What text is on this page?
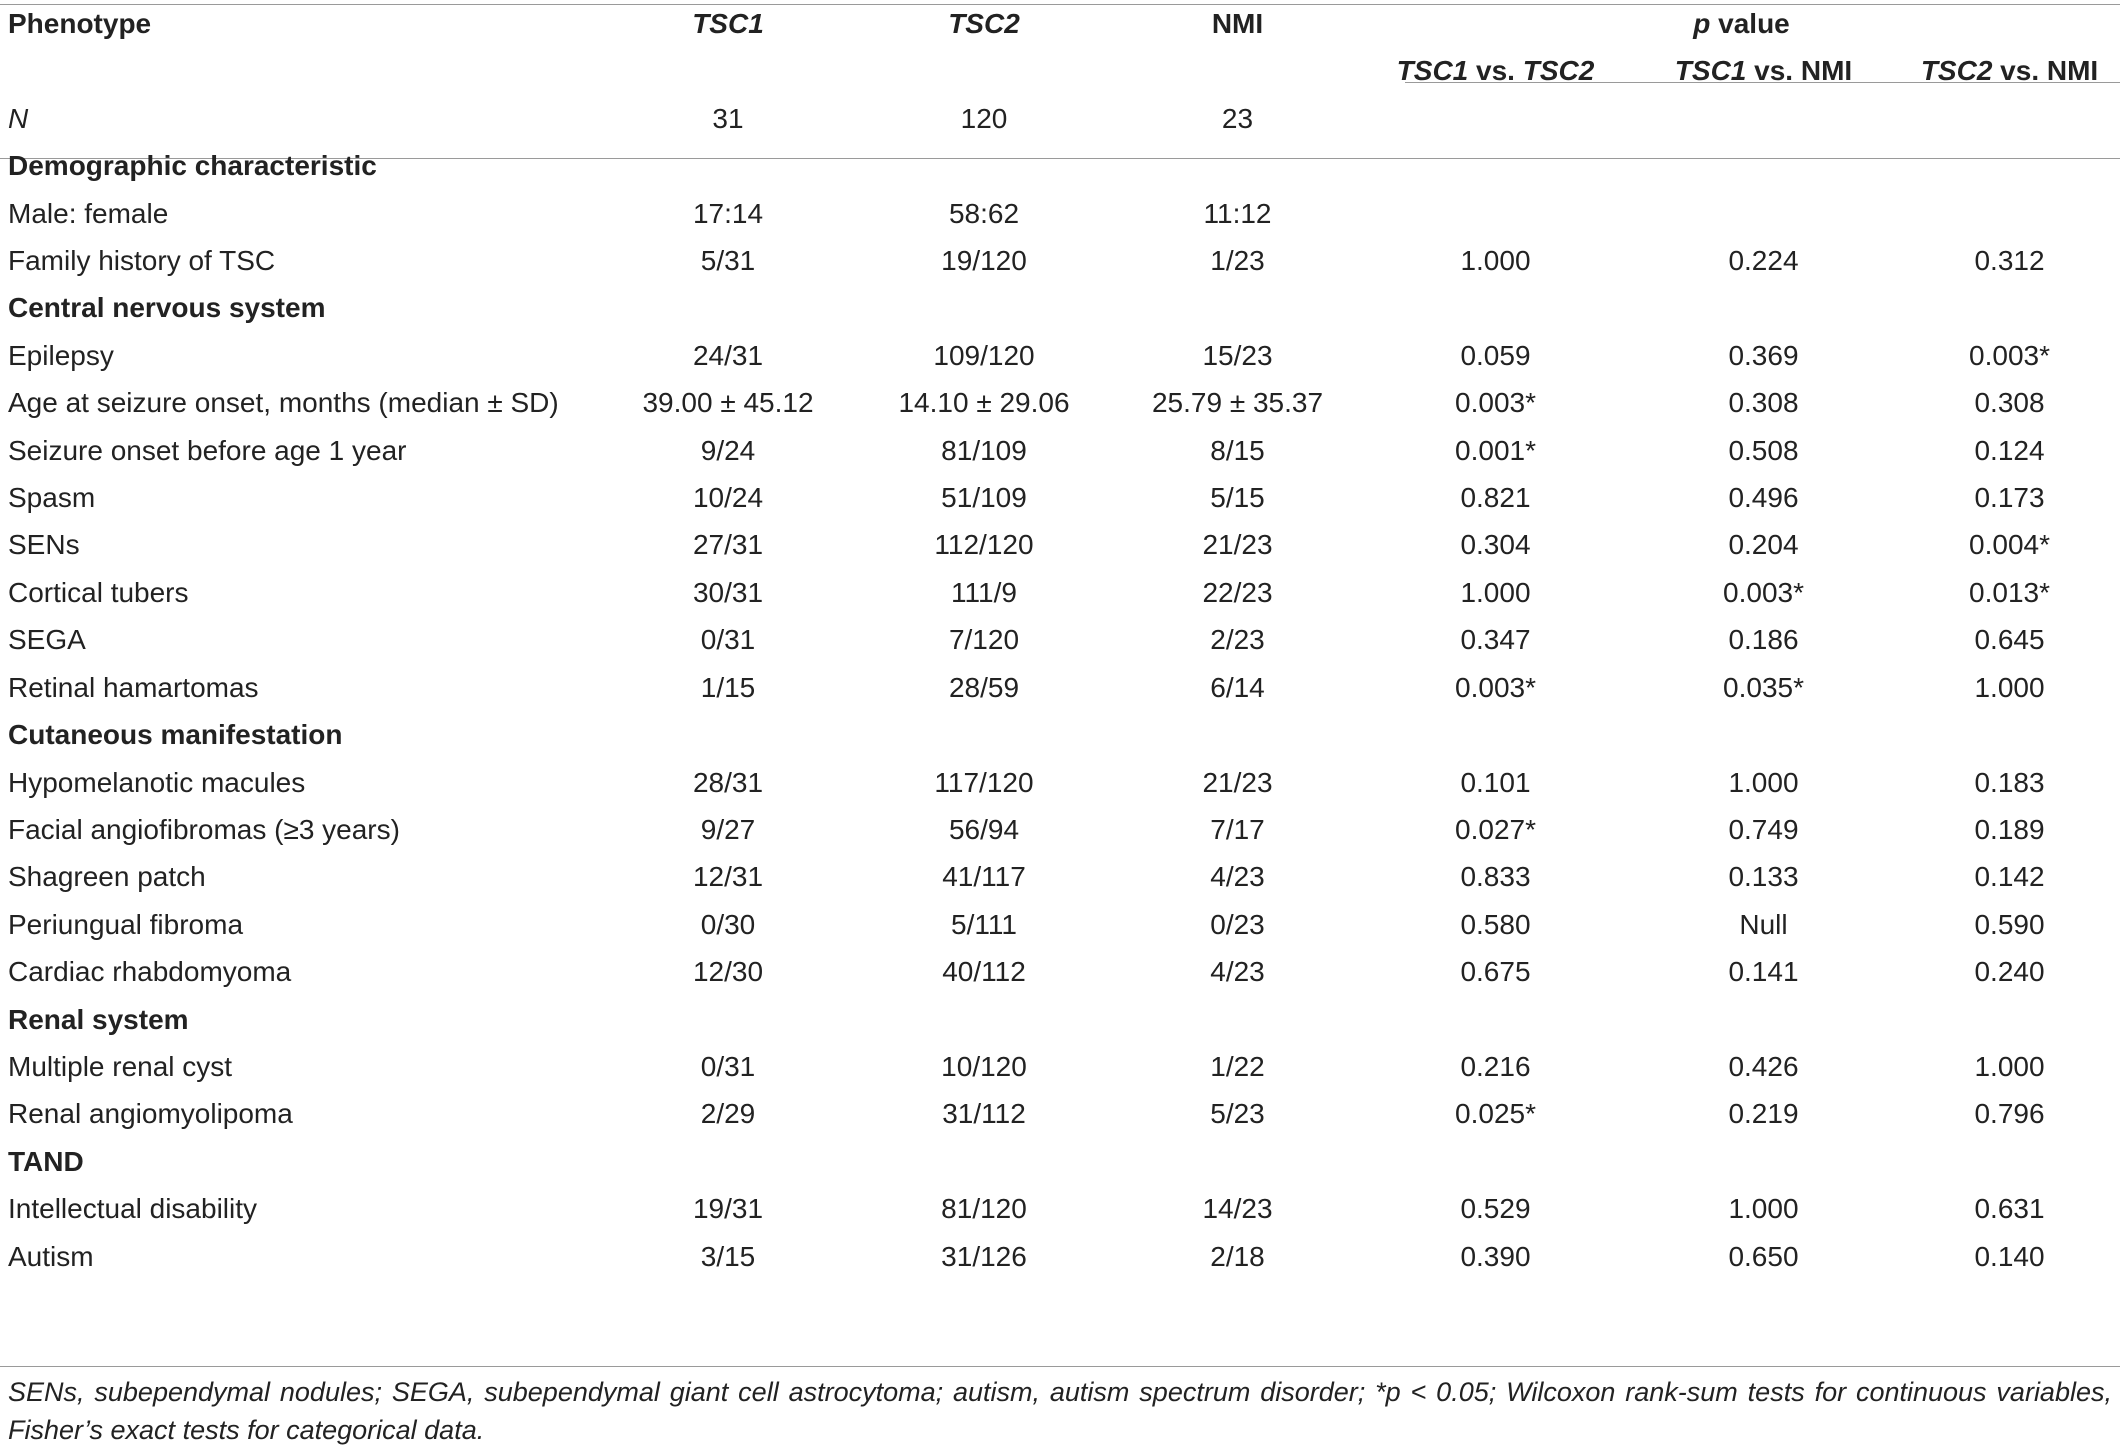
Phenotype	TSC1	TSC2	NMI	p value		
				TSC1 vs. TSC2	TSC1 vs. NMI	TSC2 vs. NMI
N	31	120	23			
Demographic characteristic						
Male: female	17:14	58:62	11:12			
Family history of TSC	5/31	19/120	1/23	1.000	0.224	0.312
Central nervous system						
Epilepsy	24/31	109/120	15/23	0.059	0.369	0.003*
Age at seizure onset, months (median ± SD)	39.00 ± 45.12	14.10 ± 29.06	25.79 ± 35.37	0.003*	0.308	0.308
Seizure onset before age 1 year	9/24	81/109	8/15	0.001*	0.508	0.124
Spasm	10/24	51/109	5/15	0.821	0.496	0.173
SENs	27/31	112/120	21/23	0.304	0.204	0.004*
Cortical tubers	30/31	111/9	22/23	1.000	0.003*	0.013*
SEGA	0/31	7/120	2/23	0.347	0.186	0.645
Retinal hamartomas	1/15	28/59	6/14	0.003*	0.035*	1.000
Cutaneous manifestation						
Hypomelanotic macules	28/31	117/120	21/23	0.101	1.000	0.183
Facial angiofibromas (≥3 years)	9/27	56/94	7/17	0.027*	0.749	0.189
Shagreen patch	12/31	41/117	4/23	0.833	0.133	0.142
Periungual fibroma	0/30	5/111	0/23	0.580	Null	0.590
Cardiac rhabdomyoma	12/30	40/112	4/23	0.675	0.141	0.240
Renal system						
Multiple renal cyst	0/31	10/120	1/22	0.216	0.426	1.000
Renal angiomyolipoma	2/29	31/112	5/23	0.025*	0.219	0.796
TAND						
Intellectual disability	19/31	81/120	14/23	0.529	1.000	0.631
Autism	3/15	31/126	2/18	0.390	0.650	0.140
SENs, subependymal nodules; SEGA, subependymal giant cell astrocytoma; autism, autism spectrum disorder; *p < 0.05; Wilcoxon rank-sum tests for continuous variables, Fisher’s exact tests for categorical data.
